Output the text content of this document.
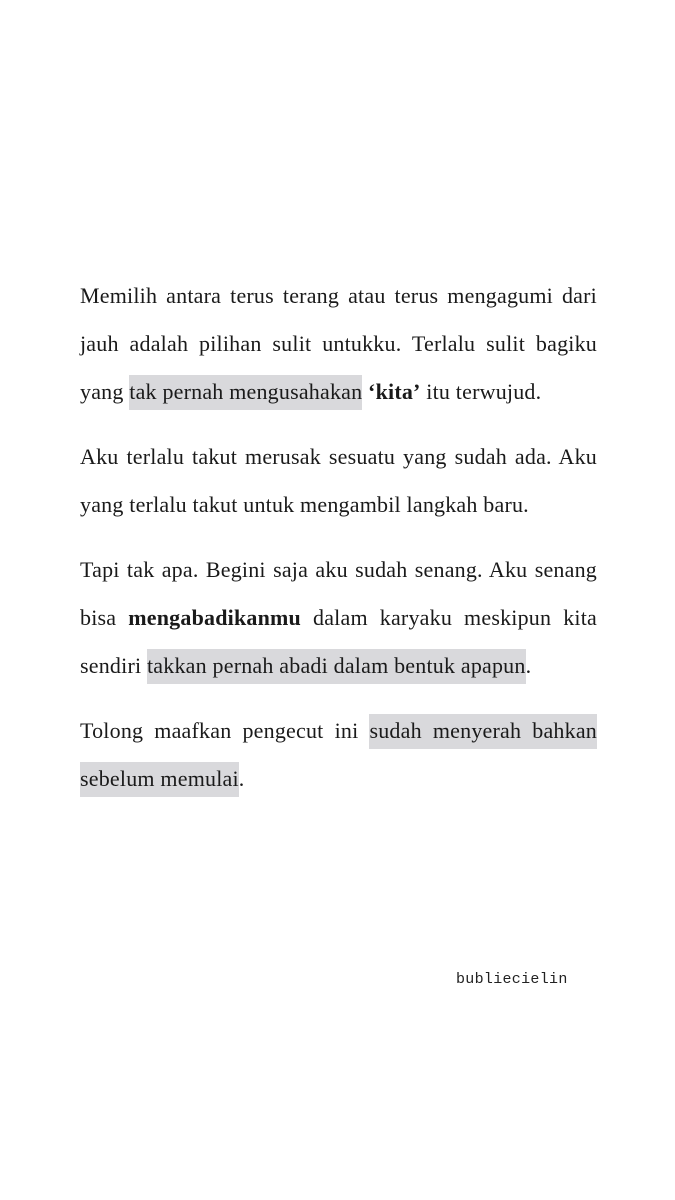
Memilih antara terus terang atau terus mengagumi dari jauh adalah pilihan sulit untukku. Terlalu sulit bagiku yang tak pernah mengusahakan ‘kita’ itu terwujud.

Aku terlalu takut merusak sesuatu yang sudah ada. Aku yang terlalu takut untuk mengambil langkah baru.

Tapi tak apa. Begini saja aku sudah senang. Aku senang bisa mengabadikanmu dalam karyaku meskipun kita sendiri takkan pernah abadi dalam bentuk apapun.

Tolong maafkan pengecut ini sudah menyerah bahkan sebelum memulai.

bubliecielin
